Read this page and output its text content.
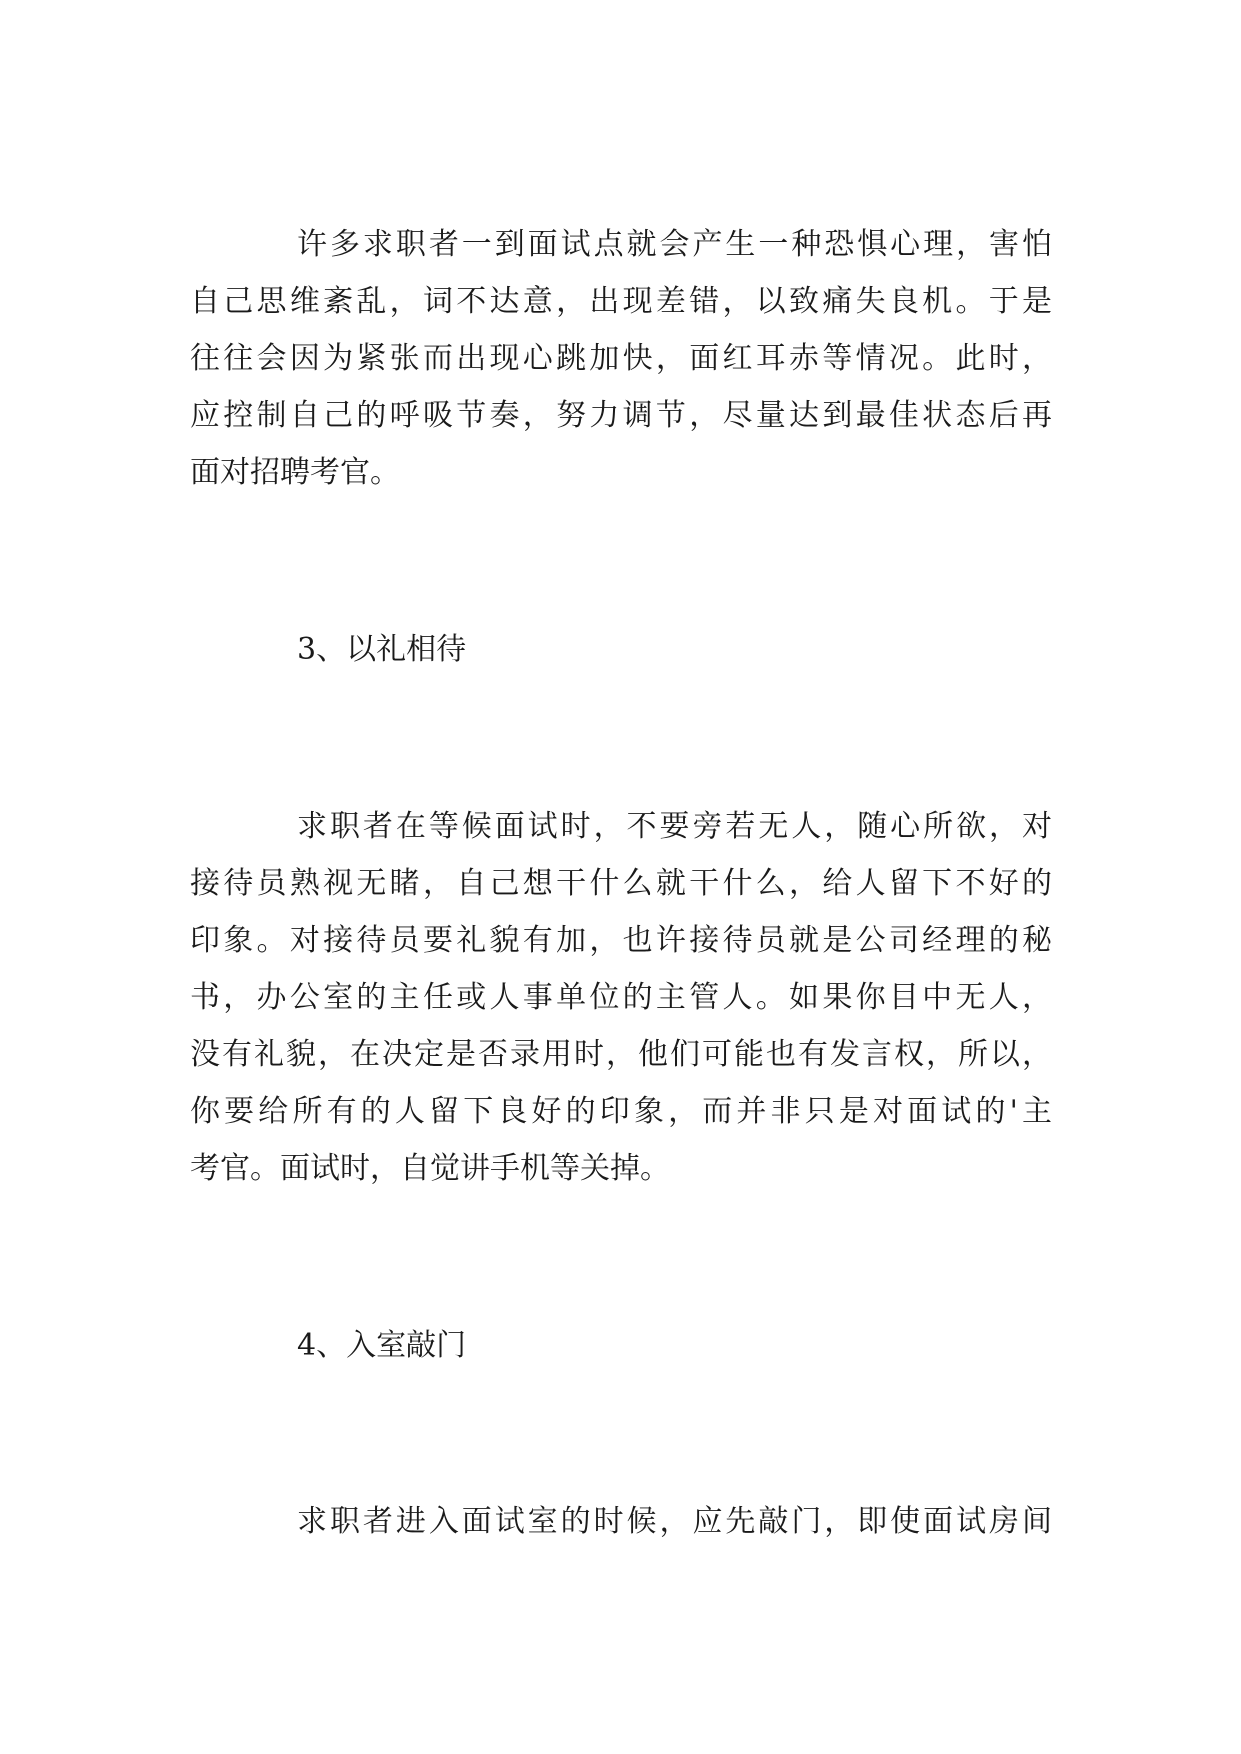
许多求职者一到面试点就会产生一种恐惧心理，害怕
自己思维紊乱，词不达意，出现差错，以致痛失良机。于是
往往会因为紧张而出现心跳加快，面红耳赤等情况。此时，
应控制自己的呼吸节奏，努力调节，尽量达到最佳状态后再
面对招聘考官。
3、以礼相待
求职者在等候面试时，不要旁若无人，随心所欲，对
接待员熟视无睹，自己想干什么就干什么，给人留下不好的
印象。对接待员要礼貌有加，也许接待员就是公司经理的秘
书，办公室的主任或人事单位的主管人。如果你目中无人，
没有礼貌，在决定是否录用时，他们可能也有发言权，所以，
你要给所有的人留下良好的印象，而并非只是对面试的'主
考官。面试时，自觉讲手机等关掉。
4、入室敲门
求职者进入面试室的时候，应先敲门，即使面试房间
